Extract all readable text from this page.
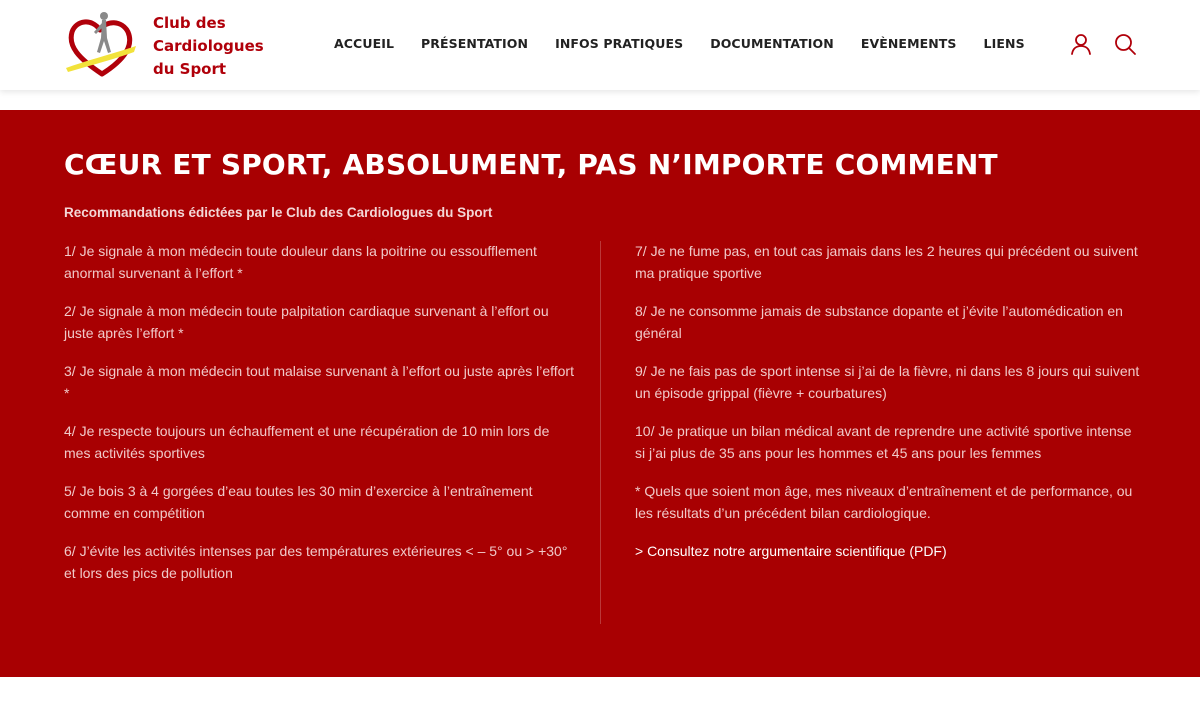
Club des
Cardiologues
du Sport
ACCUEIL PRÉSENTATION INFOS PRATIQUES DOCUMENTATION EVÈNEMENTS LIENS
CŒUR ET SPORT, ABSOLUMENT, PAS N’IMPORTE COMMENT

Recommandations édictées par le Club des Cardiologues du Sport

1/ Je signale à mon médecin toute douleur dans la poitrine ou essoufflement anormal survenant à l’effort *

2/ Je signale à mon médecin toute palpitation cardiaque survenant à l’effort ou juste après l’effort *

3/ Je signale à mon médecin tout malaise survenant à l’effort ou juste après l’effort *

4/ Je respecte toujours un échauffement et une récupération de 10 min lors de mes activités sportives

5/ Je bois 3 à 4 gorgées d’eau toutes les 30 min d’exercice à l’entraînement comme en compétition

6/ J’évite les activités intenses par des températures extérieures < – 5° ou > +30° et lors des pics de pollution

7/ Je ne fume pas, en tout cas jamais dans les 2 heures qui précédent ou suivent ma pratique sportive

8/ Je ne consomme jamais de substance dopante et j’évite l’automédication en général

9/ Je ne fais pas de sport intense si j’ai de la fièvre, ni dans les 8 jours qui suivent un épisode grippal (fièvre + courbatures)

10/ Je pratique un bilan médical avant de reprendre une activité sportive intense si j’ai plus de 35 ans pour les hommes et 45 ans pour les femmes

* Quels que soient mon âge, mes niveaux d’entraînement et de performance, ou les résultats d’un précédent bilan cardiologique.

> Consultez notre argumentaire scientifique (PDF)
